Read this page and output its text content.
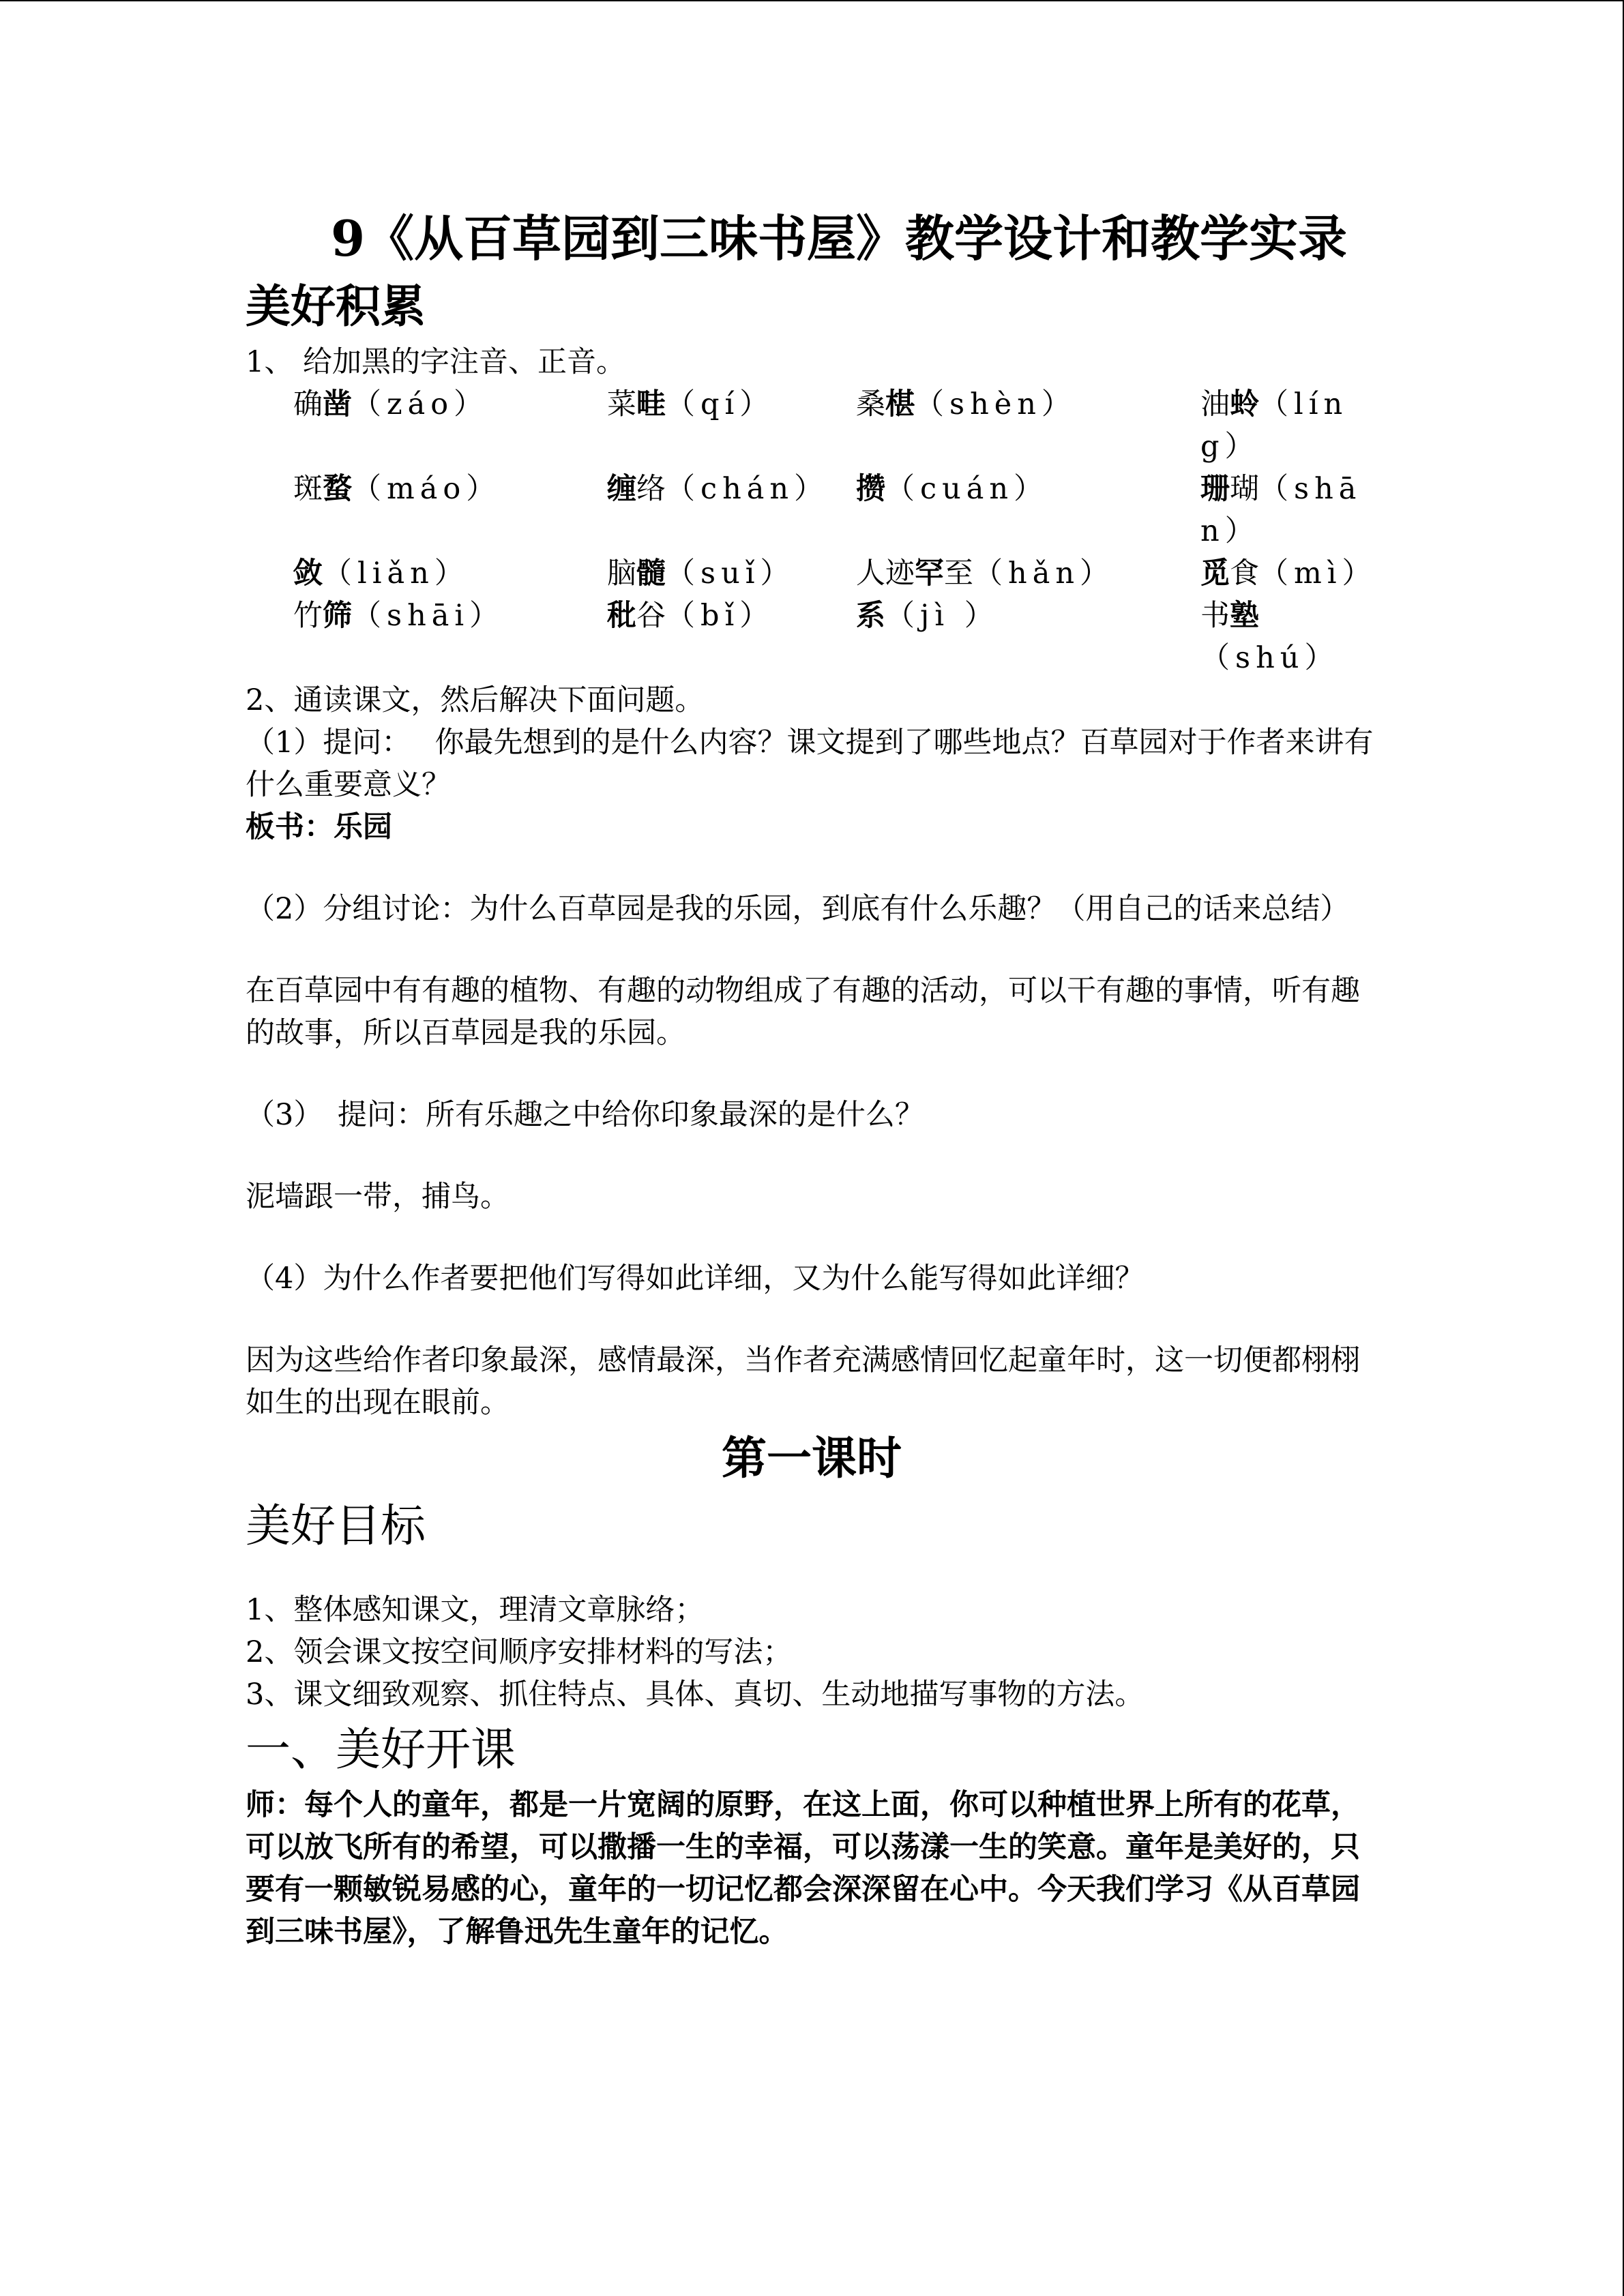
9《从百草园到三味书屋》教学设计和教学实录
美好积累

1、 给加黑的字注音、正音。

确凿（záo）	菜畦（qí）	桑椹（shèn）	油蛉（líng）
斑蝥（máo）	缠络（chán） 攒（cuán）	珊瑚（shān）
敛（liǎn）	脑髓（suǐ）	人迹罕至（hǎn）	觅食（mì）
竹筛（shāi）	秕谷（bǐ）	系（jì ）	书塾（shú）

2、通读课文，然后解决下面问题。

（1）提问：　 你最先想到的是什么内容？课文提到了哪些地点？百草园对于作者来讲有什么重要意义？

板书：乐园

（2）分组讨论：为什么百草园是我的乐园，到底有什么乐趣？（用自己的话来总结）

在百草园中有有趣的植物、有趣的动物组成了有趣的活动，可以干有趣的事情，听有趣的故事，所以百草园是我的乐园。

（3）　提问：所有乐趣之中给你印象最深的是什么？

泥墙跟一带，捕鸟。

（4）为什么作者要把他们写得如此详细，又为什么能写得如此详细？

因为这些给作者印象最深，感情最深，当作者充满感情回忆起童年时，这一切便都栩栩如生的出现在眼前。

第一课时
美好目标

1、整体感知课文，理清文章脉络；

2、领会课文按空间顺序安排材料的写法；

3、课文细致观察、抓住特点、具体、真切、生动地描写事物的方法。

一、美好开课

师：每个人的童年，都是一片宽阔的原野，在这上面，你可以种植世界上所有的花草，可以放飞所有的希望，可以撒播一生的幸福，可以荡漾一生的笑意。童年是美好的，只要有一颗敏锐易感的心，童年的一切记忆都会深深留在心中。今天我们学习《从百草园到三味书屋》，了解鲁迅先生童年的记忆。
